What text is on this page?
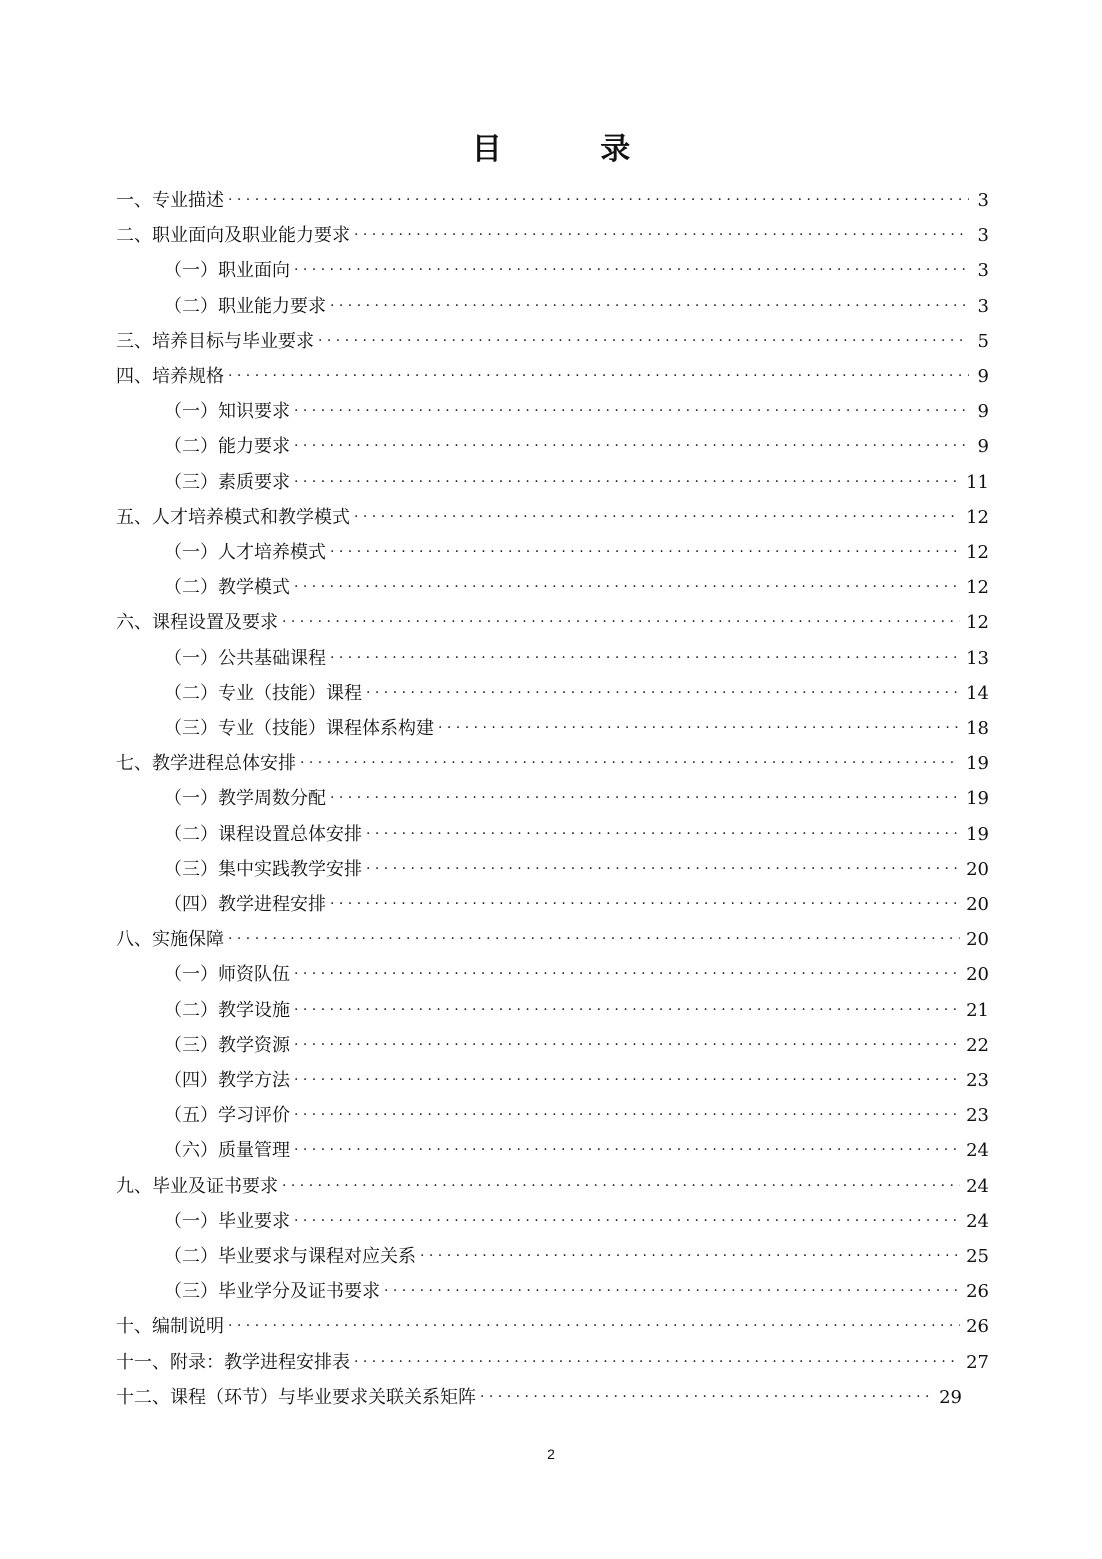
目 录
一、专业描述 · · ·	3
二、职业面向及职业能力要求 · · ·	3
（一）职业面向 · · ·	3
（二）职业能力要求 · · ·	3
三、培养目标与毕业要求 · · ·	5
四、培养规格 · · ·	9
（一）知识要求 · · ·	9
（二）能力要求 · · ·	9
（三）素质要求 · · ·	11
五、人才培养模式和教学模式 · · ·	12
（一）人才培养模式 · · ·	12
（二）教学模式 · · ·	12
六、课程设置及要求 · · ·	12
（一）公共基础课程 · · ·	13
（二）专业（技能）课程 · · ·	14
（三）专业（技能）课程体系构建 · · ·	18
七、教学进程总体安排 · · ·	19
（一）教学周数分配 · · ·	19
（二）课程设置总体安排 · · ·	19
（三）集中实践教学安排 · · ·	20
（四）教学进程安排 · · ·	20
八、实施保障 · · ·	20
（一）师资队伍 · · ·	20
（二）教学设施 · · ·	21
（三）教学资源 · · ·	22
（四）教学方法 · · ·	23
（五）学习评价 · · ·	23
（六）质量管理 · · ·	24
九、毕业及证书要求 · · ·	24
（一）毕业要求 · · ·	24
（二）毕业要求与课程对应关系 · · ·	25
（三）毕业学分及证书要求 · · ·	26
十、编制说明 · · ·	26
十一、附录：教学进程安排表 · · ·	27
十二、课程（环节）与毕业要求关联关系矩阵 · · ·	29
2
